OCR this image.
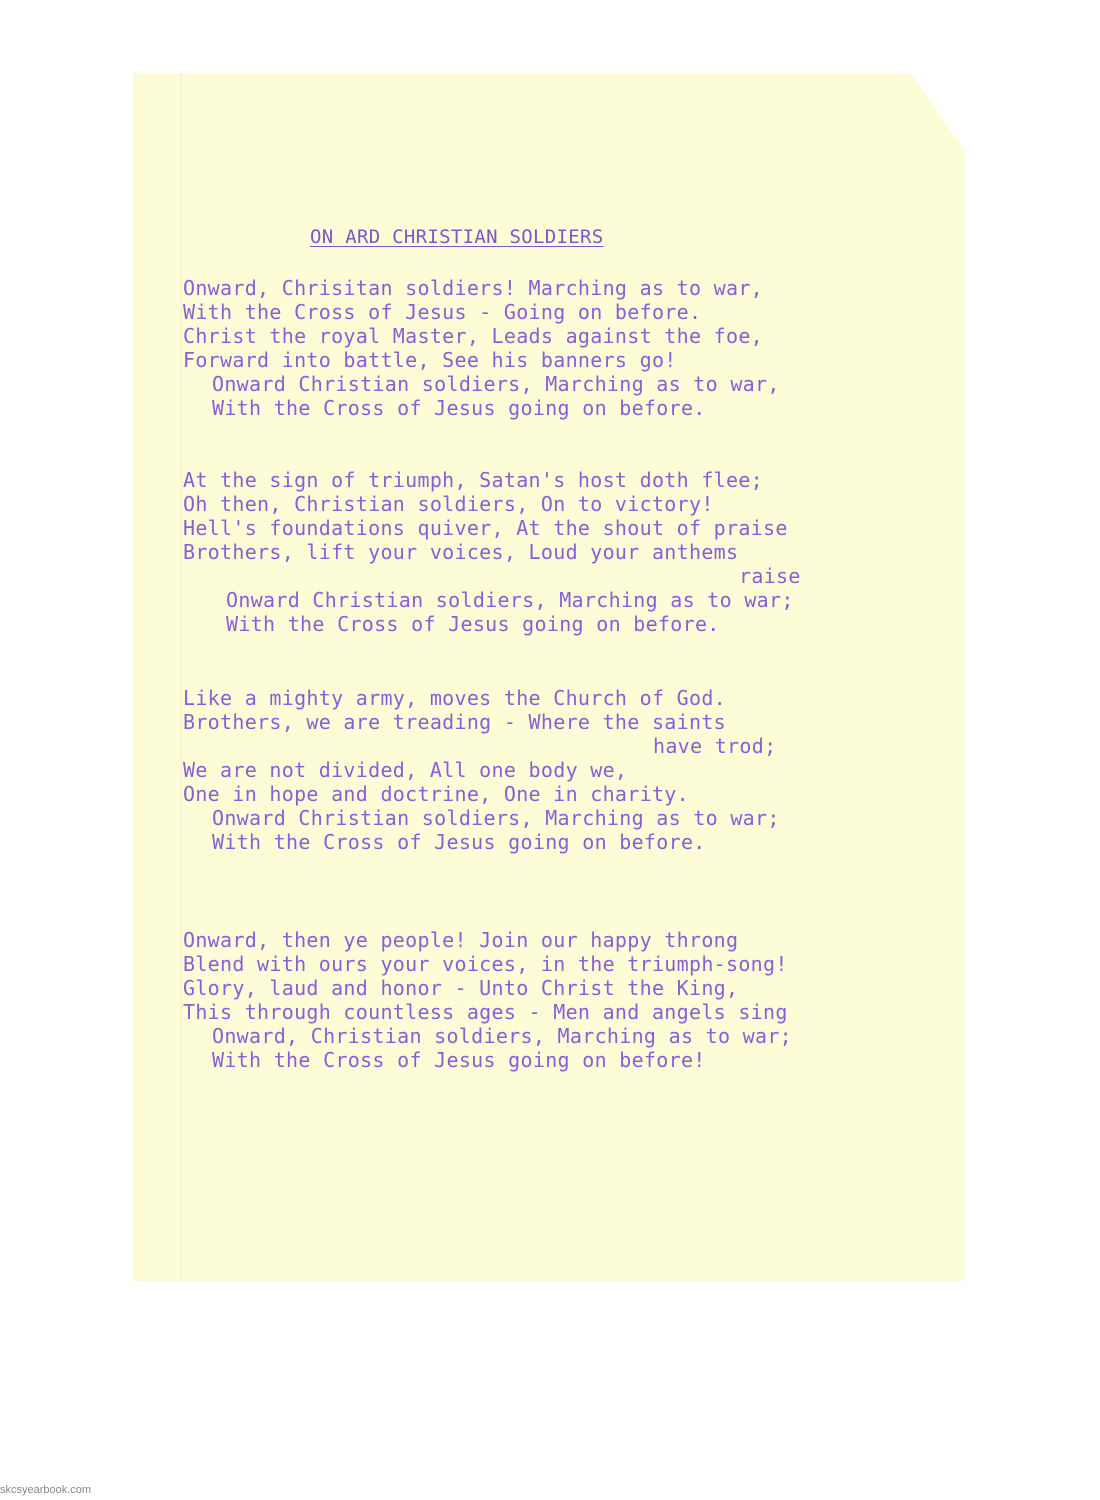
ON ARD CHRISTIAN SOLDIERS

Onward, Chrisitan soldiers! Marching as to war,

With the Cross of Jesus - Going on before.

Christ the royal Master, Leads against the foe,

Forward into battle, See his banners go!

Onward Christian soldiers, Marching as to war,

With the Cross of Jesus going on before.

At the sign of triumph, Satan's host doth flee;

Oh then, Christian soldiers, On to victory!

Hell's foundations quiver, At the shout of praise

Brothers, lift your voices, Loud your anthems

raise

Onward Christian soldiers, Marching as to war;

With the Cross of Jesus going on before.

Like a mighty army, moves the Church of God.

Brothers, we are treading - Where the saints

have trod;

We are not divided, All one body we,

One in hope and doctrine, One in charity.

Onward Christian soldiers, Marching as to war;

With the Cross of Jesus going on before.

Onward, then ye people! Join our happy throng

Blend with ours your voices, in the triumph-song!

Glory, laud and honor - Unto Christ the King,

This through countless ages - Men and angels sing

Onward, Christian soldiers, Marching as to war;

With the Cross of Jesus going on before!

skcsyearbook.com
